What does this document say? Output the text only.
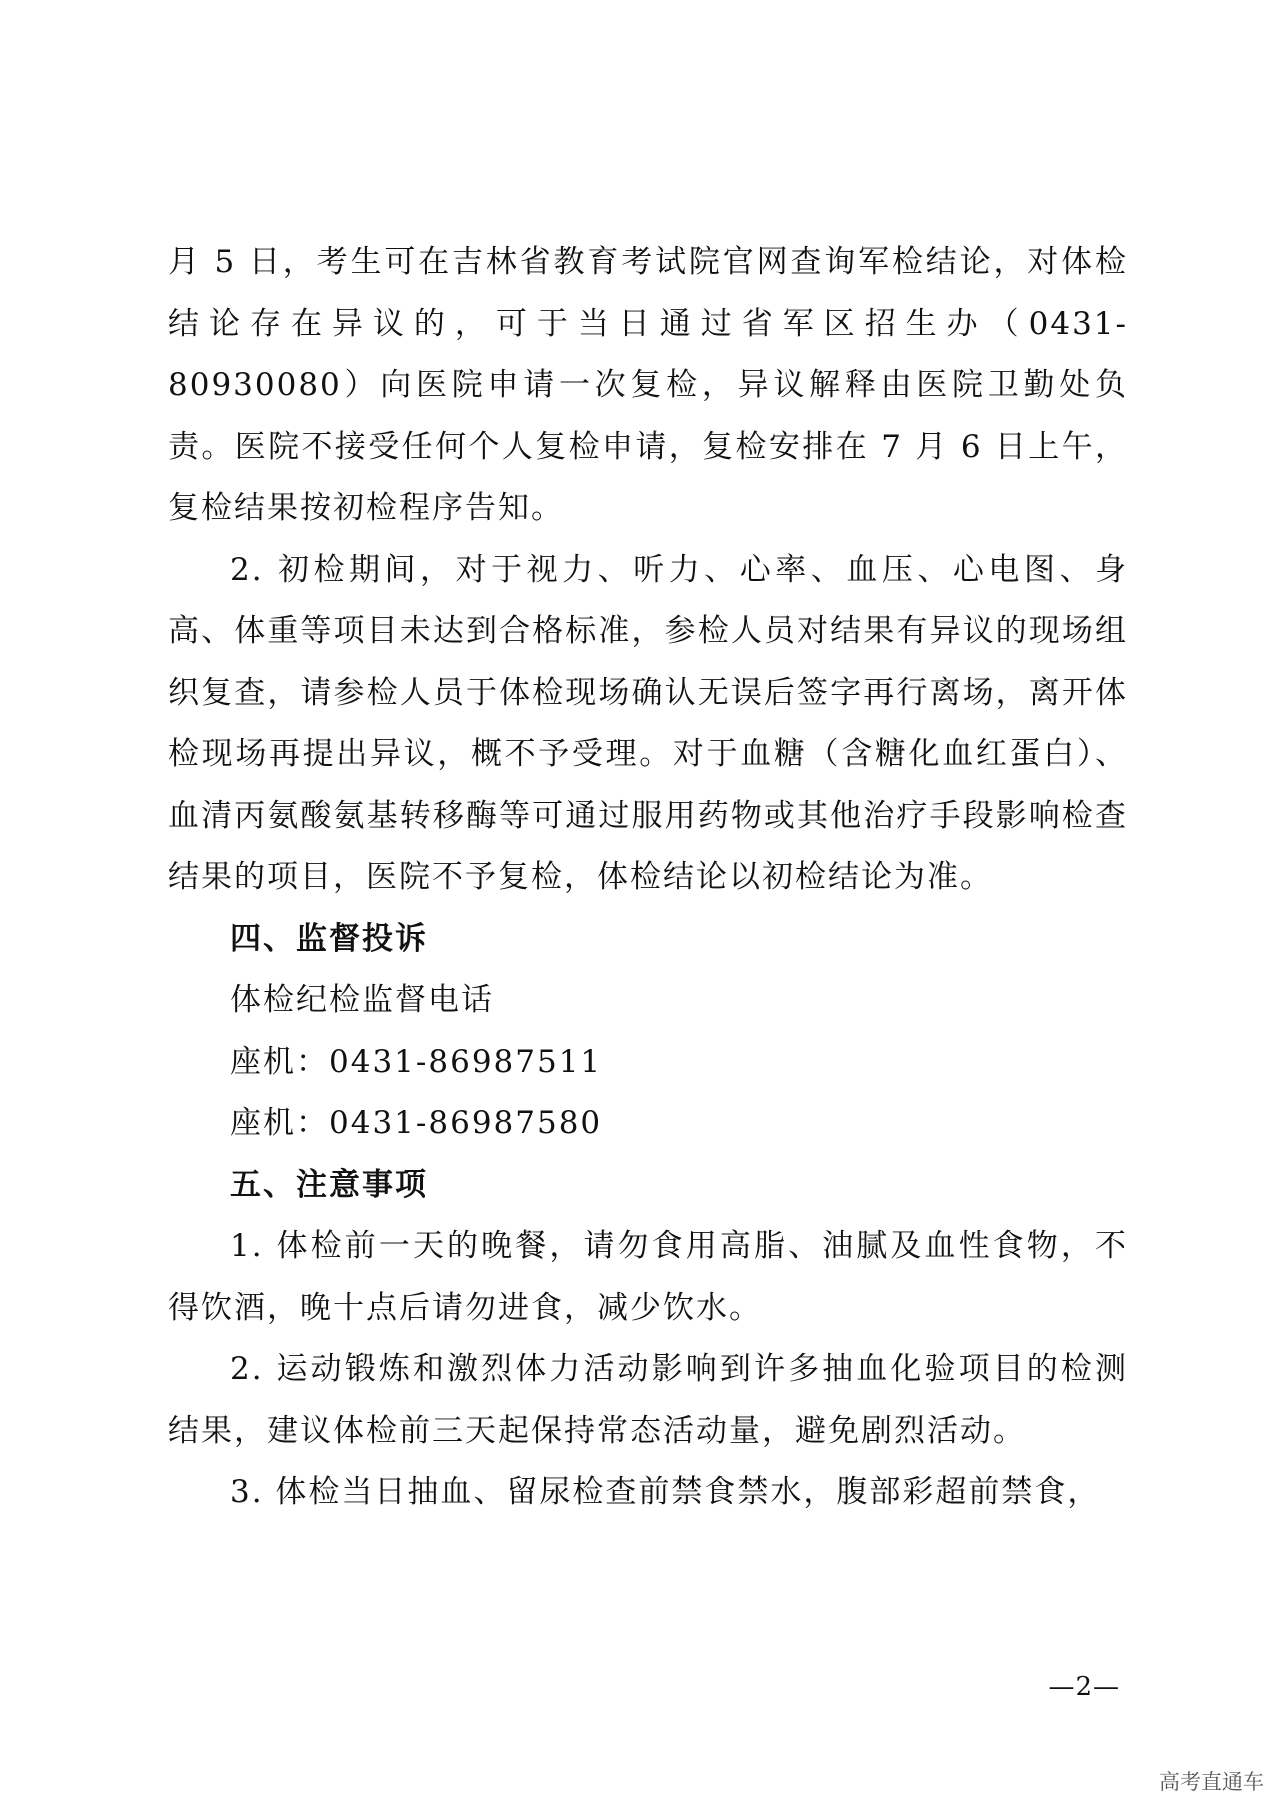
月 5 日，考生可在吉林省教育考试院官网查询军检结论，对体检结论存在异议的，可于当日通过省军区招生办（0431-80930080）向医院申请一次复检，异议解释由医院卫勤处负责。医院不接受任何个人复检申请，复检安排在 7 月 6 日上午，复检结果按初检程序告知。

2. 初检期间，对于视力、听力、心率、血压、心电图、身高、体重等项目未达到合格标准，参检人员对结果有异议的现场组织复查，请参检人员于体检现场确认无误后签字再行离场，离开体检现场再提出异议，概不予受理。对于血糖（含糖化血红蛋白）、血清丙氨酸氨基转移酶等可通过服用药物或其他治疗手段影响检查结果的项目，医院不予复检，体检结论以初检结论为准。

四、监督投诉

体检纪检监督电话

座机：0431-86987511

座机：0431-86987580

五、注意事项

1. 体检前一天的晚餐，请勿食用高脂、油腻及血性食物，不得饮酒，晚十点后请勿进食，减少饮水。

2. 运动锻炼和激烈体力活动影响到许多抽血化验项目的检测结果，建议体检前三天起保持常态活动量，避免剧烈活动。

3. 体检当日抽血、留尿检查前禁食禁水，腹部彩超前禁食，

—2—
高考直通车
